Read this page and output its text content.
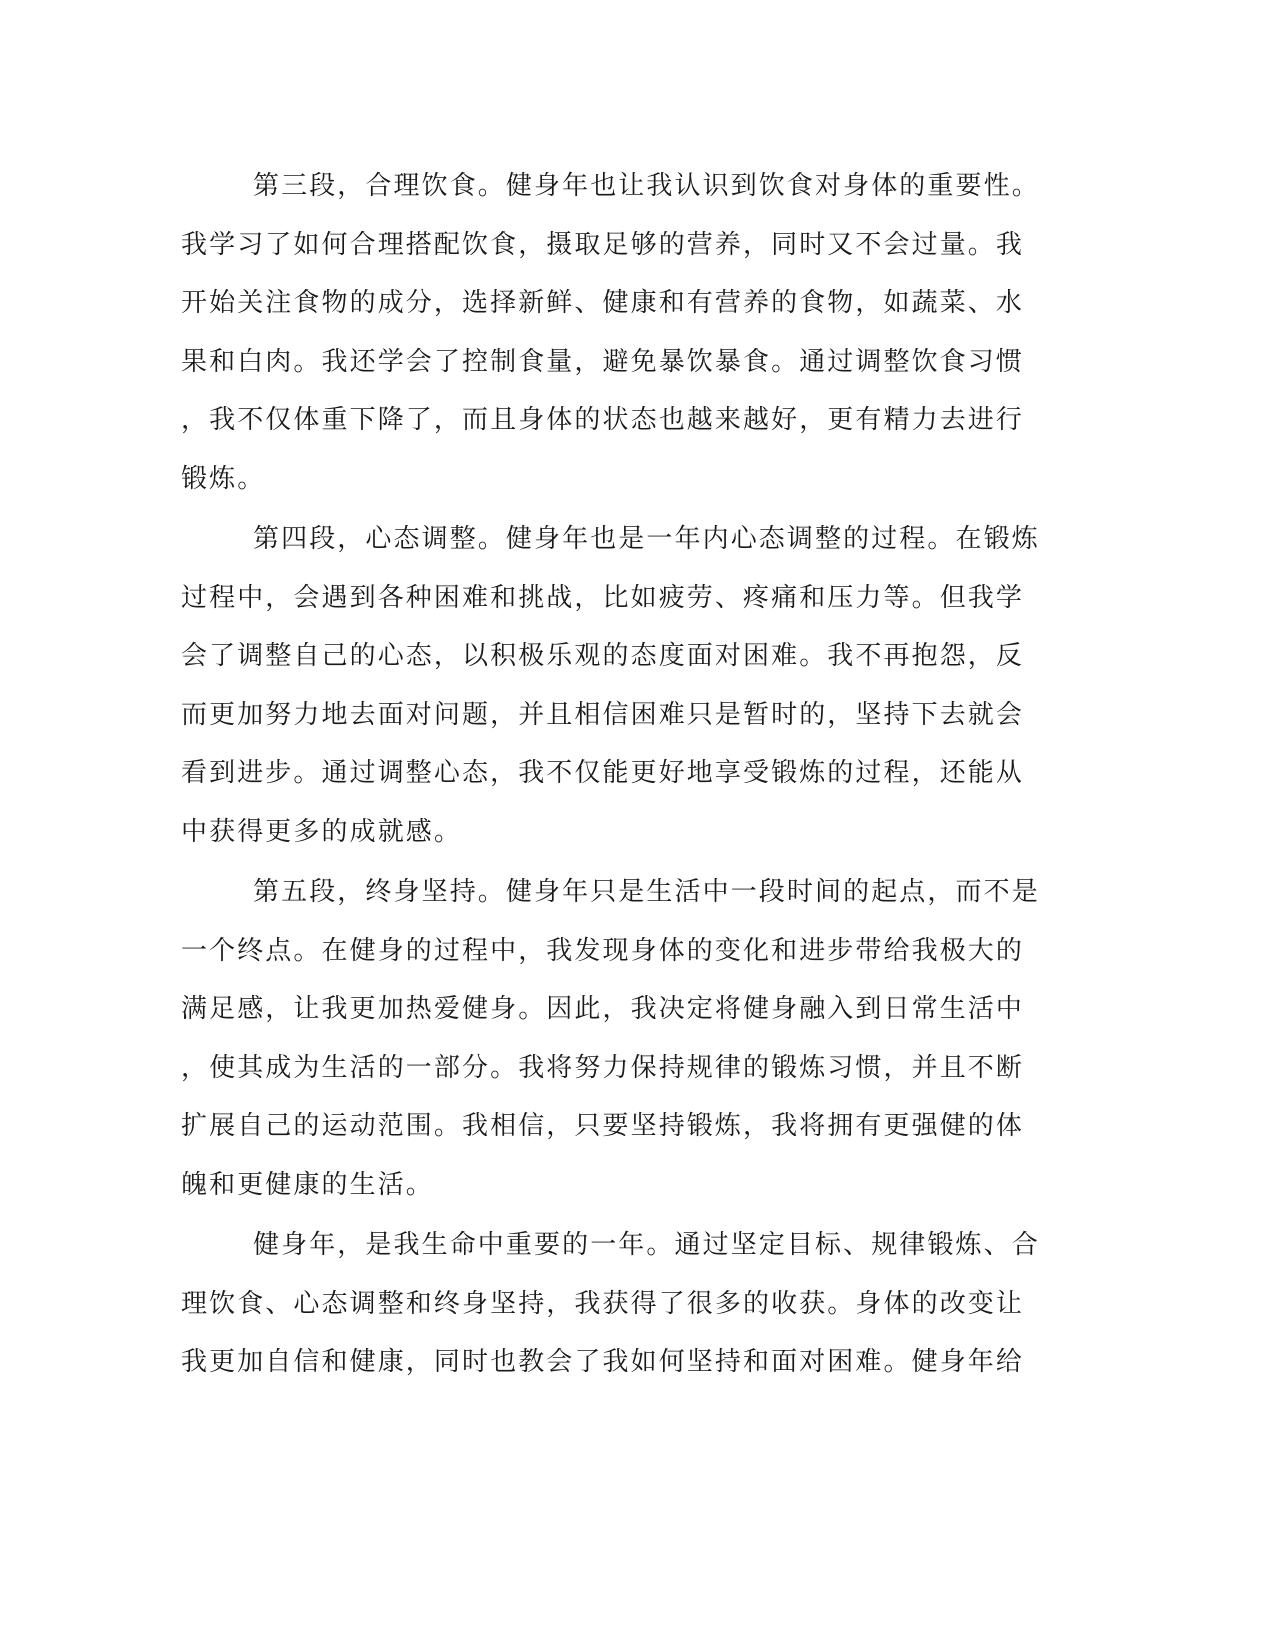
第三段，合理饮食。健身年也让我认识到饮食对身体的重要性。
我学习了如何合理搭配饮食，摄取足够的营养，同时又不会过量。我
开始关注食物的成分，选择新鲜、健康和有营养的食物，如蔬菜、水
果和白肉。我还学会了控制食量，避免暴饮暴食。通过调整饮食习惯
，我不仅体重下降了，而且身体的状态也越来越好，更有精力去进行
锻炼。

第四段，心态调整。健身年也是一年内心态调整的过程。在锻炼
过程中，会遇到各种困难和挑战，比如疲劳、疼痛和压力等。但我学
会了调整自己的心态，以积极乐观的态度面对困难。我不再抱怨，反
而更加努力地去面对问题，并且相信困难只是暂时的，坚持下去就会
看到进步。通过调整心态，我不仅能更好地享受锻炼的过程，还能从
中获得更多的成就感。

第五段，终身坚持。健身年只是生活中一段时间的起点，而不是
一个终点。在健身的过程中，我发现身体的变化和进步带给我极大的
满足感，让我更加热爱健身。因此，我决定将健身融入到日常生活中
，使其成为生活的一部分。我将努力保持规律的锻炼习惯，并且不断
扩展自己的运动范围。我相信，只要坚持锻炼，我将拥有更强健的体
魄和更健康的生活。

健身年，是我生命中重要的一年。通过坚定目标、规律锻炼、合
理饮食、心态调整和终身坚持，我获得了很多的收获。身体的改变让
我更加自信和健康，同时也教会了我如何坚持和面对困难。健身年给
